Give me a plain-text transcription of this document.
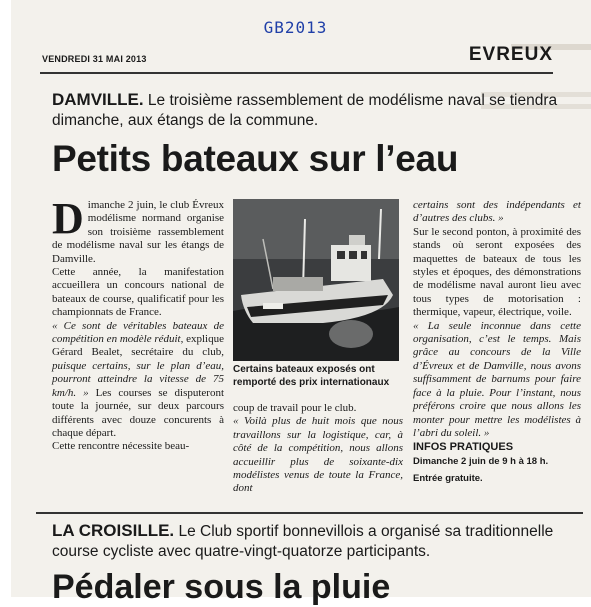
GB2013
VENDREDI 31 MAI 2013	EVREUX
DAMVILLE. Le troisième rassemblement de modélisme naval se tiendra dimanche, aux étangs de la commune.
Petits bateaux sur l’eau

Dimanche 2 juin, le club Évreux modélisme normand organise son troisième rassemblement de modélisme naval sur les étangs de Damville.

Cette année, la manifestation accueillera un concours national de bateaux de course, qualificatif pour les championnats de France.

« Ce sont de véritables bateaux de compétition en modèle réduit, explique Gérard Bealet, secrétaire du club, puisque certains, sur le plan d’eau, pourront atteindre la vitesse de 75 km/h. » Les courses se disputeront toute la journée, sur deux parcours différents avec douze concurents à chaque départ.

Cette rencontre nécessite beau-

Certains bateaux exposés ont remporté des prix internationaux

coup de travail pour le club.

« Voilà plus de huit mois que nous travaillons sur la logistique, car, à côté de la compétition, nous allons accueillir plus de soixante-dix modélistes venus de toute la France, dont

certains sont des indépendants et d’autres des clubs. »

Sur le second ponton, à proximité des stands où seront exposées des maquettes de bateaux de tous les styles et époques, des démonstrations de modélisme naval auront lieu avec tous types de motorisation : thermique, vapeur, électrique, voile.

« La seule inconnue dans cette organisation, c’est le temps. Mais grâce au concours de la Ville d’Évreux et de Damville, nous avons suffisamment de barnums pour faire face à la pluie. Pour l’instant, nous préférons croire que nous allons les monter pour mettre les modélistes à l’abri du soleil. »

INFOS PRATIQUES
Dimanche 2 juin de 9 h à 18 h.
Entrée gratuite.
LA CROISILLE. Le Club sportif bonnevillois a organisé sa traditionnelle course cycliste avec quatre-vingt-quatorze participants.
Pédaler sous la pluie
